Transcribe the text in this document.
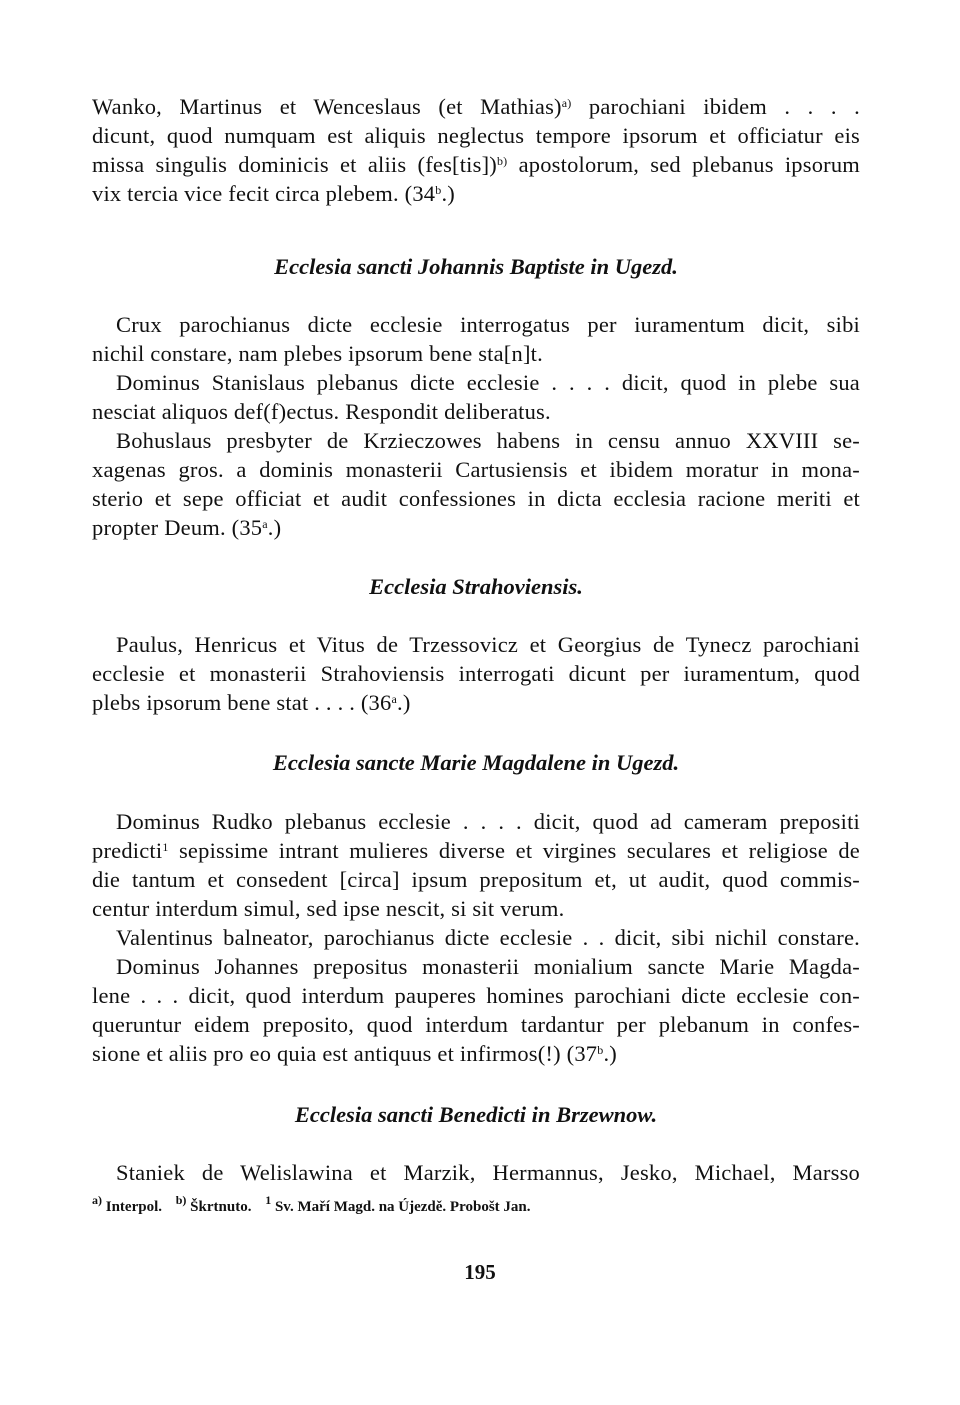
Wanko, Martinus et Wenceslaus (et Mathias)$^{a)}$ parochiani ibidem . . . .
dicunt, quod numquam est aliquis neglectus tempore ipsorum et officiatur eis
missa singulis dominicis et aliis $(fes[tis])^{b)}$ apostolorum, sed plebanus ipsorum
vix tercia vice fecit circa plebem. (34$^b$.)
Ecclesia sancti Johannis Baptiste in Ugezd.
Crux parochianus dicte ecclesie interrogatus per iuramentum dicit, sibi
nichil constare, nam plebes ipsorum bene sta[n]t.
Dominus Stanislaus plebanus dicte ecclesie . . . . dicit, quod in plebe sua
nesciat aliquos def(f)ectus. Respondit deliberatus.
Bohuslaus presbyter de Krzieczowes habens in censu annuo XXVIII se-
xagenas gros. a dominis monasterii Cartusiensis et ibidem moratur in mona-
sterio et sepe officiat et audit confessiones in dicta ecclesia racione meriti et
propter Deum. (35$^a$.)
Ecclesia Strahoviensis.
Paulus, Henricus et Vitus de Trzessovicz et Georgius de Tynecz parochiani
ecclesie et monasterii Strahoviensis interrogati dicunt per iuramentum, quod
plebs ipsorum bene stat . . . . (36$^a$.)
Ecclesia sancte Marie Magdalene in Ugezd.
Dominus Rudko plebanus ecclesie . . . . dicit, quod ad cameram prepositi
predicti$^1$ sepissime intrant mulieres diverse et virgines seculares et religiose de
die tantum et consedent [circa] ipsum prepositum et, ut audit, quod commis-
centur interdum simul, sed ipse nescit, si sit verum.
Valentinus balneator, parochianus dicte ecclesie . . dicit, sibi nichil constare.
Dominus Johannes prepositus monasterii monialium sancte Marie Magda-
lene . . . dicit, quod interdum pauperes homines parochiani dicte ecclesie con-
queruntur eidem preposito, quod interdum tardantur per plebanum in confes-
sione et aliis pro eo quia est antiquus et infirmos(!) (37$^b$.)
Ecclesia sancti Benedicti in Brzewnow.
Staniek de Welislawina et Marzik, Hermannus, Jesko, Michael, Marsso
$^{a)}$ Interpol. $^{b)}$ Škrtnuto. $^1$ Sv. Maří Magd. na Újezdě. Probošt Jan.
195
